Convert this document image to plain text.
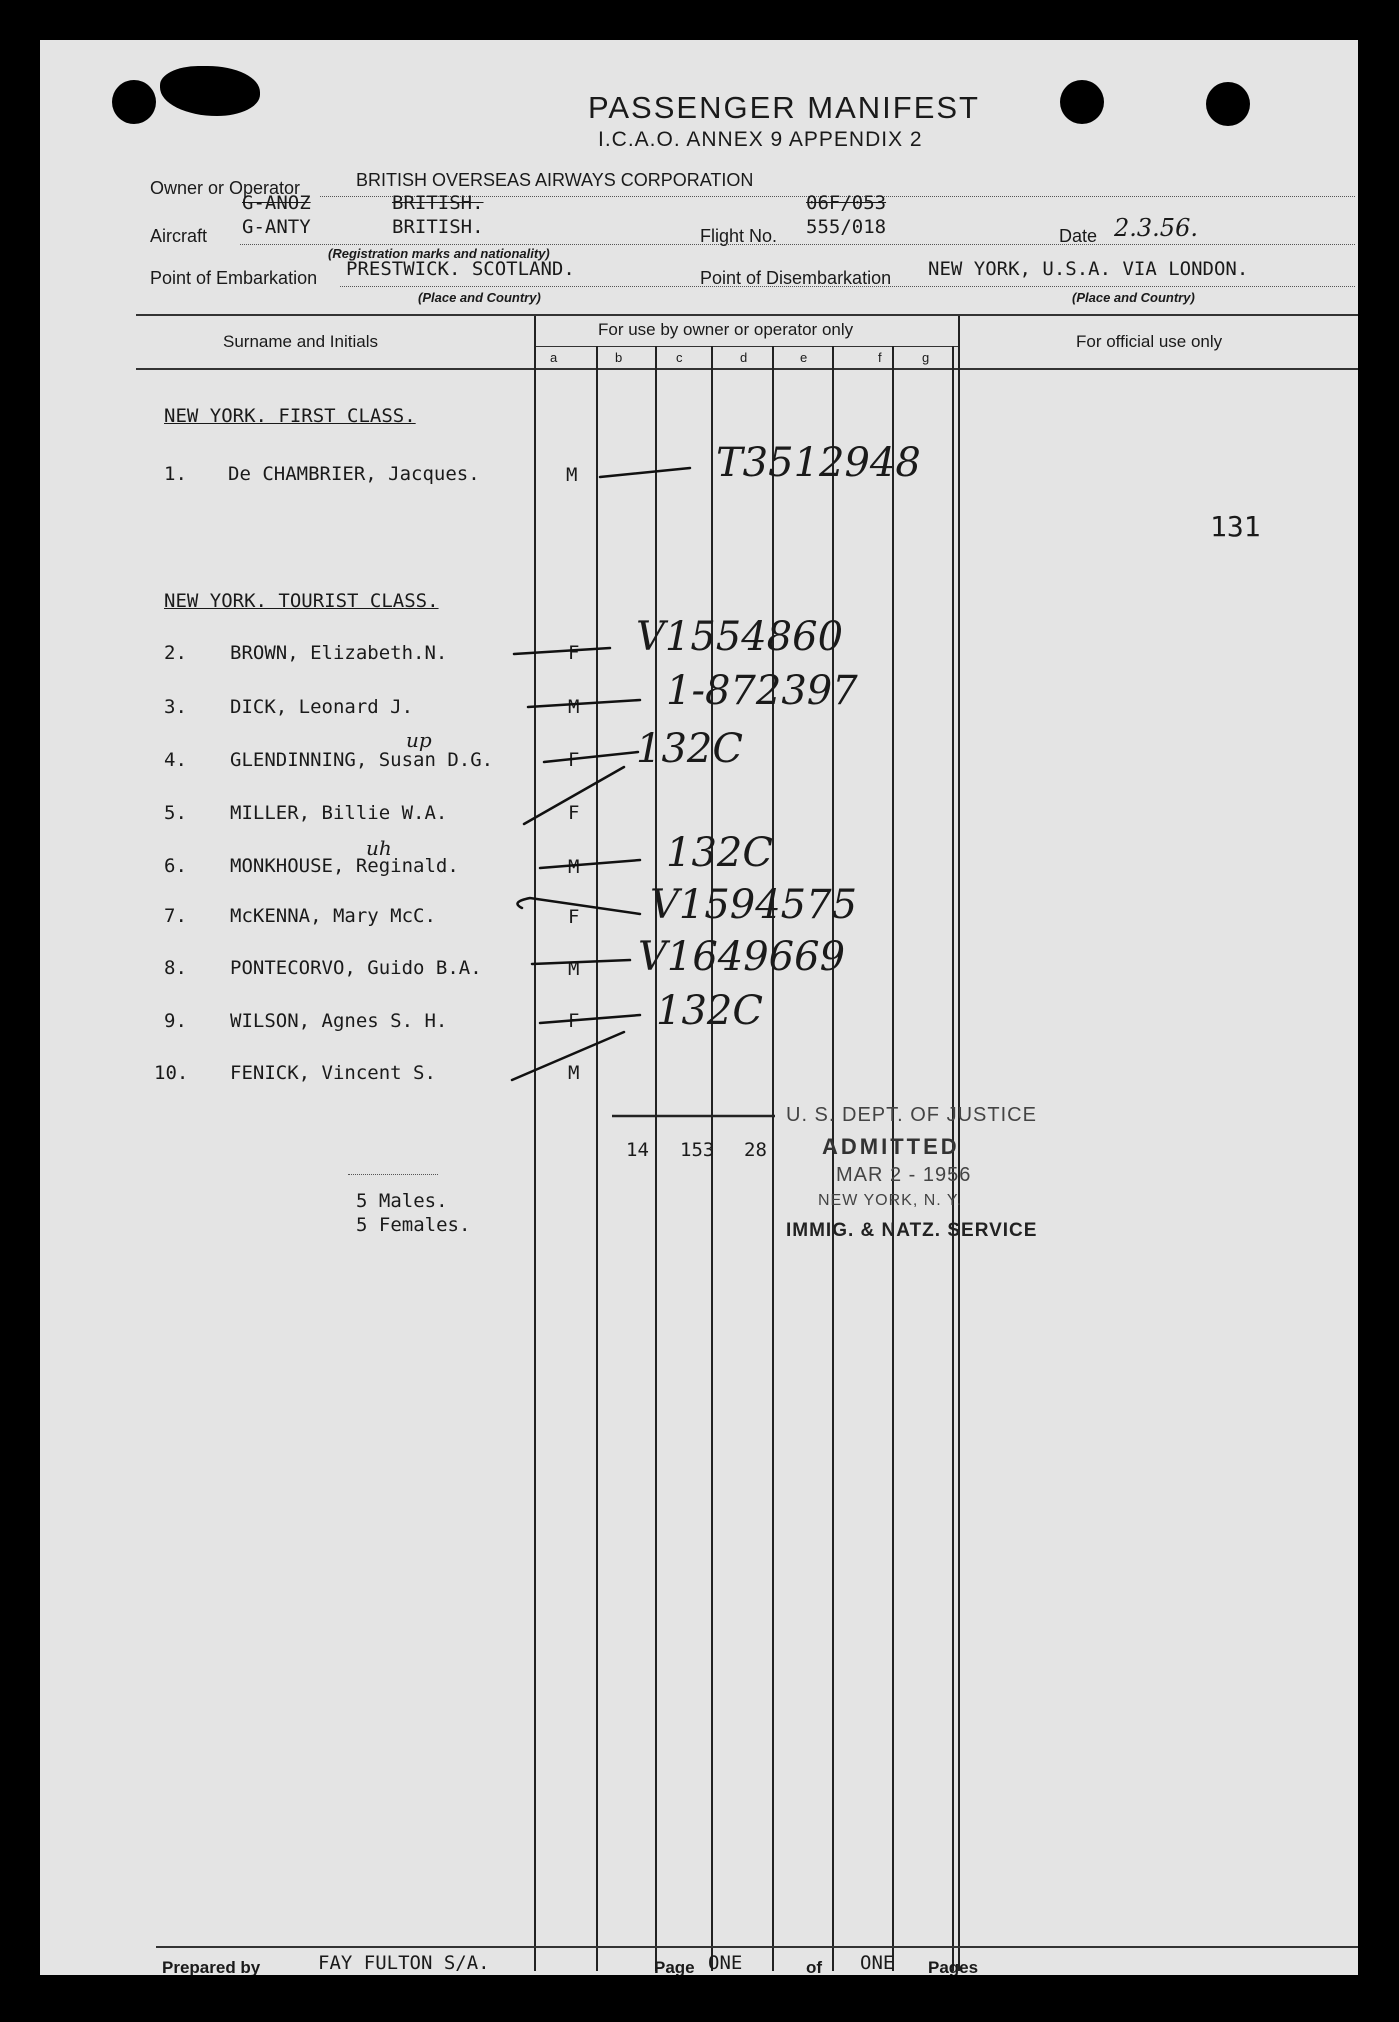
PASSENGER MANIFEST
I.C.A.O. ANNEX 9 APPENDIX 2
Owner or Operator	BRITISH OVERSEAS AIRWAYS CORPORATION
G-ANOZ	BRITISH.
Aircraft G-ANTY	BRITISH.
(Registration marks and nationality)
06F/053
Flight No. 555/018	Date 2.3.56.
Point of Embarkation PRESTWICK. SCOTLAND.
(Place and Country)
Point of Disembarkation NEW YORK, U.S.A. VIA LONDON.
(Place and Country)
Surname and Initials
For use by owner or operator only
For official use only
a	b	c	d	e	f	g
NEW YORK. FIRST CLASS.
NEW YORK. TOURIST CLASS.
1. De CHAMBRIER, Jacques.	M	T3512948
2. BROWN, Elizabeth.N.	F V1554860
3. DICK, Leonard J.	M 1-872397
4. GLENDINNING, Susan D.G.	F 132C
up
5. MILLER, Billie W.A.	F
6. MONKHOUSE, Reginald.	M 132C
uh
7. McKENNA, Mary McC.	F V1594575
8. PONTECORVO, Guido B.A.	M V1649669
9. WILSON, Agnes S. H.	F 132C
10. FENICK, Vincent S.	M
131
14 153 28
5 Males.
5 Females.
U. S. DEPT. OF JUSTICE
ADMITTED
MAR 2 - 1956
NEW YORK, N. Y.
IMMIG. & NATZ. SERVICE
Prepared by	FAY FULTON S/A.	Page ONE	of ONE Pages
